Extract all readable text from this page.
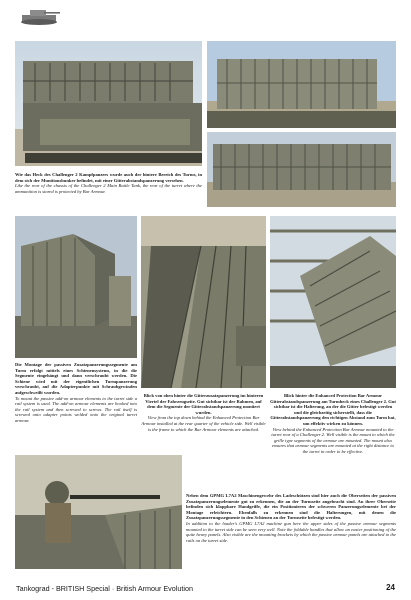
Wie das Heck des Challenger 2 Kampfpanzers wurde auch der hintere Bereich des Turms, in dem sich der Munitionsbunker befindet, mit einer Gitterabstandspanzerung versehen.
Like the rear of the chassis of the Challenger 2 Main Battle Tank, the rear of the turret where the ammunition is stored is protected by Bar Armour.
Die Montage der passiven Zusatzpanzerungssegmente am Turm erfolgt mittels eines Schienensystems, in die die Segmente eingehängt und dann verschraubt werden. Die Schiene wird mit der eigentlichen Turmpanzerung verschraubt, auf die Adapterpunkte mit Schraubgewinden aufgeschweißt wurden.
To mount the passive add-on armour elements to the turret side a rail system is used. The add-on armour elements are hooked into the rail system and then screwed to screws. The rail itself is screwed onto adapter points welded onto the original turret armour.
Blick von oben hinter die Gitterzusatzpanzerung im hinteren Viertel der Fahrzeugseite. Gut sichtbar ist der Rahmen, auf dem die Segmente der Gitterabstandspanzerung montiert wurden.
View from the top down behind the Enhanced Protection Bar Armour installed at the rear quarter of the vehicle side. Well visible is the frame to which the Bar Armour elements are attached.
Blick hinter die Enhanced Protection Bar Armour Gitterabstandspanzerung am Turmheck eines Challenger 2. Gut sichtbar ist die Halterung, an der die Gitter befestigt werden und die gleichzeitig sicherstellt, dass die Gitterabstandspanzerung den richtigen Abstand zum Turm hat, um effektiv wirken zu können.
View behind the Enhanced Protection Bar Armour mounted to the turret rear of a Challenger 2. Well visible is the mount to which the grille type segments of the armour are mounted. The mount also ensures that armour segments are mounted at the right distance to the turret in order to be effective.
Neben dem GPMG L7A2 Maschinengewehr des Ladeschützen sind hier auch die Oberseiten der passiven Zusatzpanzerungselemente gut zu erkennen, die an der Turmseite angebracht sind. An ihrer Oberseite befinden sich klappbare Handgriffe, die ein Positionieren der schweren Panzerungselemente bei der Montage erleichtern. Ebenfalls zu erkennen sind die Halterungen, mit denen die Zusatzpanzerungssegmente in den Schienen an der Turmseite befestigt werden.
In addition to the loader's GPMG L7A2 machine gun here the upper sides of the passive armour segments mounted to the turret side can be seen very well. Note the foldable handles that allow an easier positioning of the quite heavy panels. Also visible are the mounting brackets by which the passive armour panels are attached to the rails on the turret side.
Tankograd - BRITISH Special · British Armour Evolution	24
